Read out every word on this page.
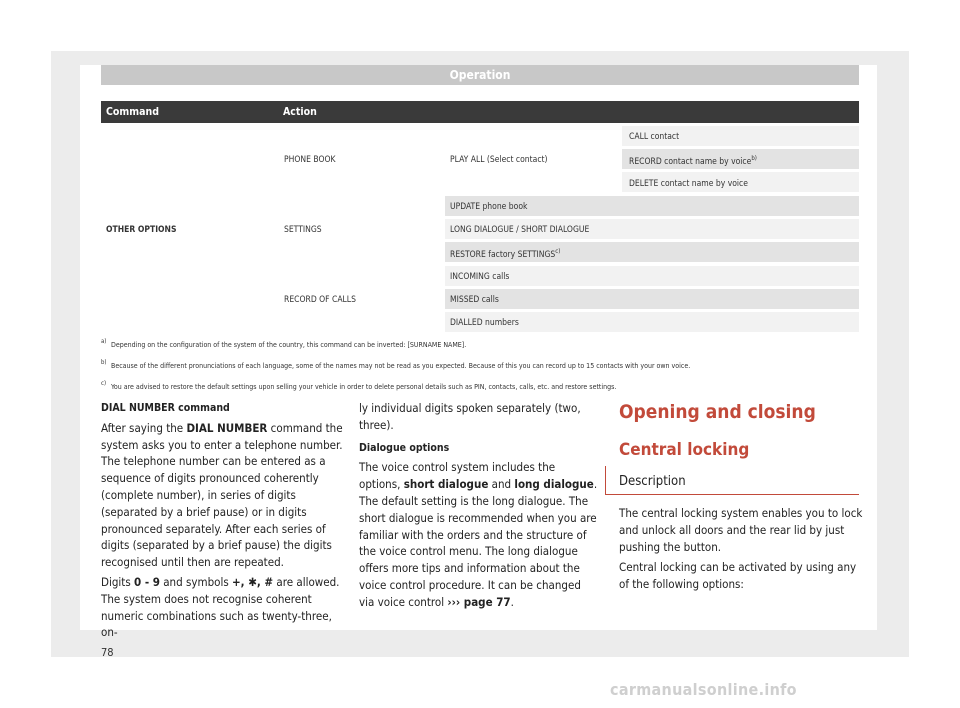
Operation
Command	Action
OTHER OPTIONS
PHONE BOOK	PLAY ALL (Select contact)
CALL contact
RECORD contact name by voice$^{b)}$
DELETE contact name by voice
SETTINGS
UPDATE phone book
LONG DIALOGUE / SHORT DIALOGUE
RESTORE factory SETTINGS$^{c)}$
RECORD OF CALLS
INCOMING calls
MISSED calls
DIALLED numbers
a) Depending on the configuration of the system of the country, this command can be inverted: [SURNAME NAME].
b) Because of the different pronunciations of each language, some of the names may not be read as you expected. Because of this you can record up to 15 contacts with your own voice.
c) You are advised to restore the default settings upon selling your vehicle in order to delete personal details such as PIN, contacts, calls, etc. and restore settings.

DIAL NUMBER command

After saying the DIAL NUMBER command the system asks you to enter a telephone number. The telephone number can be entered as a sequence of digits pronounced coherently (complete number), in series of digits (separated by a brief pause) or in digits pronounced separately. After each series of digits (separated by a brief pause) the digits recognised until then are repeated.

Digits 0 - 9 and symbols +, ✱, # are allowed. The system does not recognise coherent numeric combinations such as twenty-three, on-

ly individual digits spoken separately (two, three).

Dialogue options

The voice control system includes the options, short dialogue and long dialogue. The default setting is the long dialogue. The short dialogue is recommended when you are familiar with the orders and the structure of the voice control menu. The long dialogue offers more tips and information about the voice control procedure. It can be changed via voice control ››› page 77.

Opening and closing
Central locking
Description

The central locking system enables you to lock and unlock all doors and the rear lid by just pushing the button.

Central locking can be activated by using any of the following options:

78
carmanualsonline.info
